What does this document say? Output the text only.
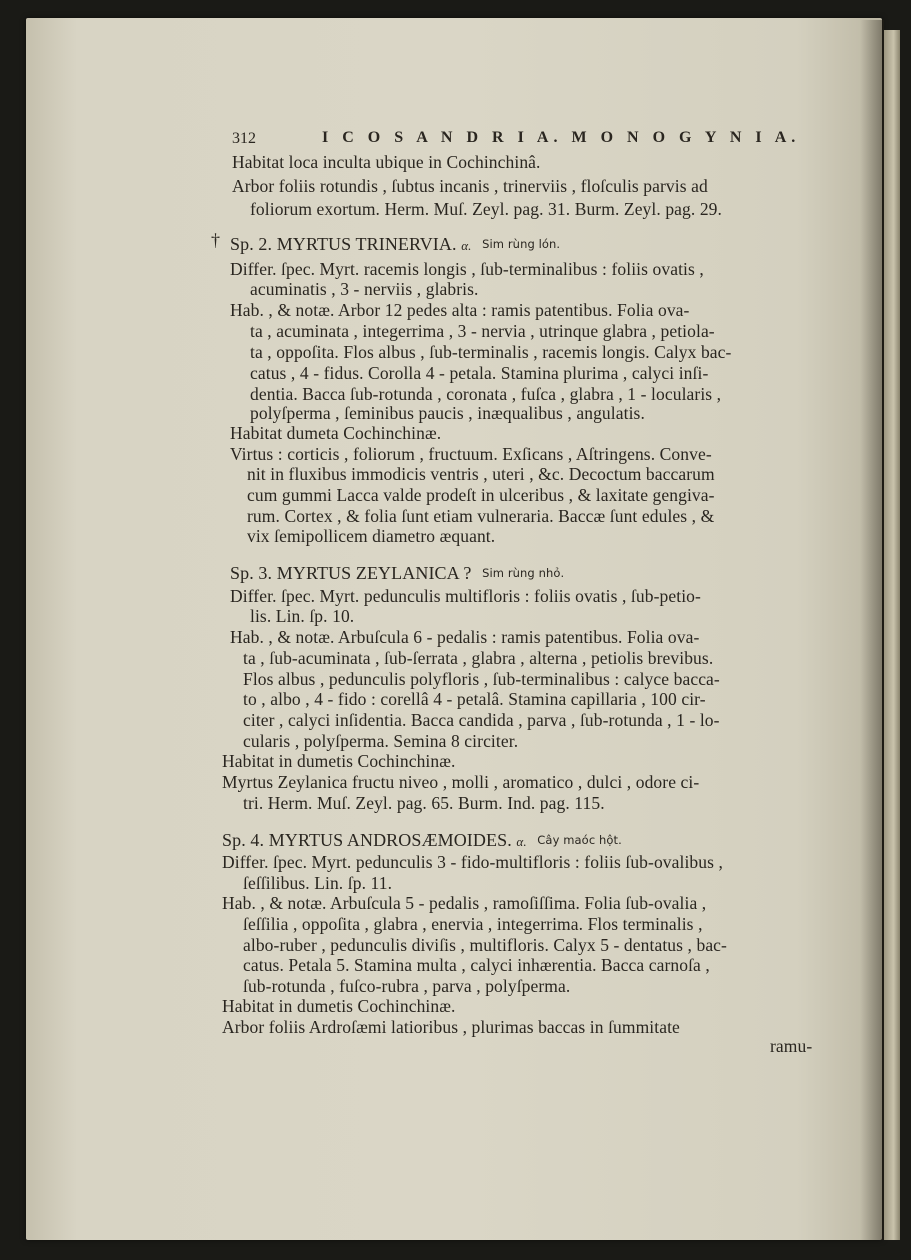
312	I C O S A N D R I A. M O N O G Y N I A.
Habitat loca inculta ubique in Cochinchinâ.
Arbor foliis rotundis , ſubtus incanis , trinerviis , floſculis parvis ad
foliorum exortum. Herm. Muſ. Zeyl. pag. 31. Burm. Zeyl. pag. 29.
† Sp. 2. MYRTUS TRINERVIA. α. Sim rùng lón.
Differ. ſpec. Myrt. racemis longis , ſub-terminalibus : foliis ovatis ,
acuminatis , 3 - nerviis , glabris.
Hab. , & notæ. Arbor 12 pedes alta : ramis patentibus. Folia ova-
ta , acuminata , integerrima , 3 - nervia , utrinque glabra , petiola-
ta , oppoſita. Flos albus , ſub-terminalis , racemis longis. Calyx bac-
catus , 4 - fidus. Corolla 4 - petala. Stamina plurima , calyci inſi-
dentia. Bacca ſub-rotunda , coronata , fuſca , glabra , 1 - locularis ,
polyſperma , ſeminibus paucis , inæqualibus , angulatis.
Habitat dumeta Cochinchinæ.
Virtus : corticis , foliorum , fructuum. Exſicans , Aſtringens. Conve-
nit in fluxibus immodicis ventris , uteri , &c. Decoctum baccarum
cum gummi Lacca valde prodeſt in ulceribus , & laxitate gengiva-
rum. Cortex , & folia ſunt etiam vulneraria. Baccæ ſunt edules , &
vix ſemipollicem diametro æquant.
Sp. 3. MYRTUS ZEYLANICA ? Sim rùng nhỏ.
Differ. ſpec. Myrt. pedunculis multifloris : foliis ovatis , ſub-petio-
lis. Lin. ſp. 10.
Hab. , & notæ. Arbuſcula 6 - pedalis : ramis patentibus. Folia ova-
ta , ſub-acuminata , ſub-ſerrata , glabra , alterna , petiolis brevibus.
Flos albus , pedunculis polyfloris , ſub-terminalibus : calyce bacca-
to , albo , 4 - fido : corellâ 4 - petalâ. Stamina capillaria , 100 cir-
citer , calyci inſidentia. Bacca candida , parva , ſub-rotunda , 1 - lo-
cularis , polyſperma. Semina 8 circiter.
Habitat in dumetis Cochinchinæ.
Myrtus Zeylanica fructu niveo , molli , aromatico , dulci , odore ci-
tri. Herm. Muſ. Zeyl. pag. 65. Burm. Ind. pag. 115.
Sp. 4. MYRTUS ANDROSÆMOIDES. α. Cây maóc hột.
Differ. ſpec. Myrt. pedunculis 3 - fido-multifloris : foliis ſub-ovalibus ,
ſeſſilibus. Lin. ſp. 11.
Hab. , & notæ. Arbuſcula 5 - pedalis , ramoſiſſima. Folia ſub-ovalia ,
ſeſſilia , oppoſita , glabra , enervia , integerrima. Flos terminalis ,
albo-ruber , pedunculis diviſis , multifloris. Calyx 5 - dentatus , bac-
catus. Petala 5. Stamina multa , calyci inhærentia. Bacca carnoſa ,
ſub-rotunda , fuſco-rubra , parva , polyſperma.
Habitat in dumetis Cochinchinæ.
Arbor foliis Ardroſæmi latioribus , plurimas baccas in ſummitate
ramu-
